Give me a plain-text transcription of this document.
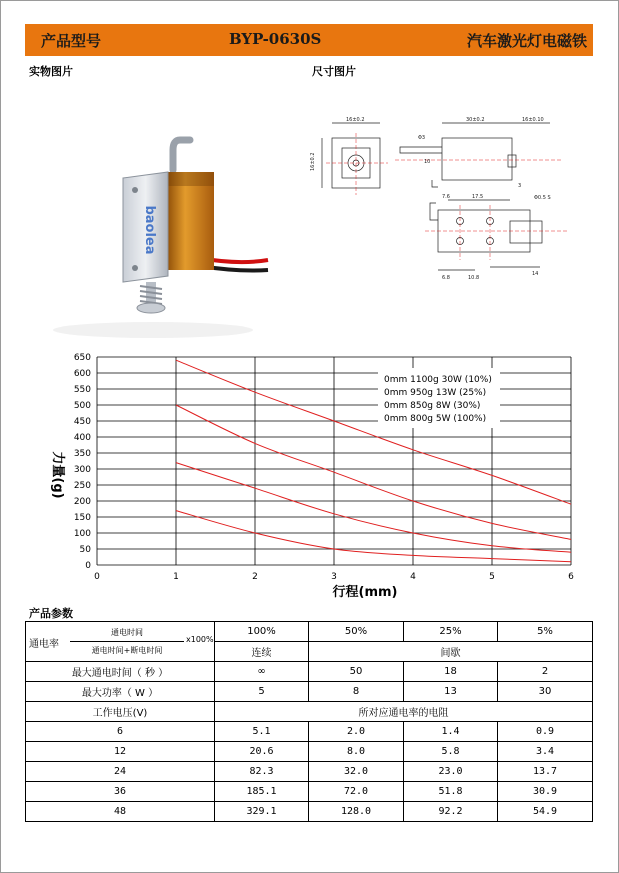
产品型号	BYP-0630S	汽车激光灯电磁铁
实物图片	尺寸图片
baolea
16±0.2	30±0.2	16±0.10
16±0.2
Φ3
10
3
7.6	17.5
6.8	10.8
14
Φ0.5 S
0
50
100
150
200
250
300
350
400
450
500
550
600
650
0	1	2	3	4	5	6
0mm 1100g 30W (10%)
0mm 950g 13W (25%)
0mm 850g 8W (30%)
0mm 800g 5W (100%)
行程(mm)
力量(g)
产品参数
通电率
通电时间
通电时间+断电时间
x100%	100%	50%	25%	5%
	连续	间歇		
最大通电时间（ 秒 ）	∞	50	18	2
最大功率（ W ）	5	8	13	30
工作电压(V)	所对应通电率的电阻			
6	5.1	2.0	1.4	0.9
12	20.6	8.0	5.8	3.4
24	82.3	32.0	23.0	13.7
36	185.1	72.0	51.8	30.9
48	329.1	128.0	92.2	54.9
